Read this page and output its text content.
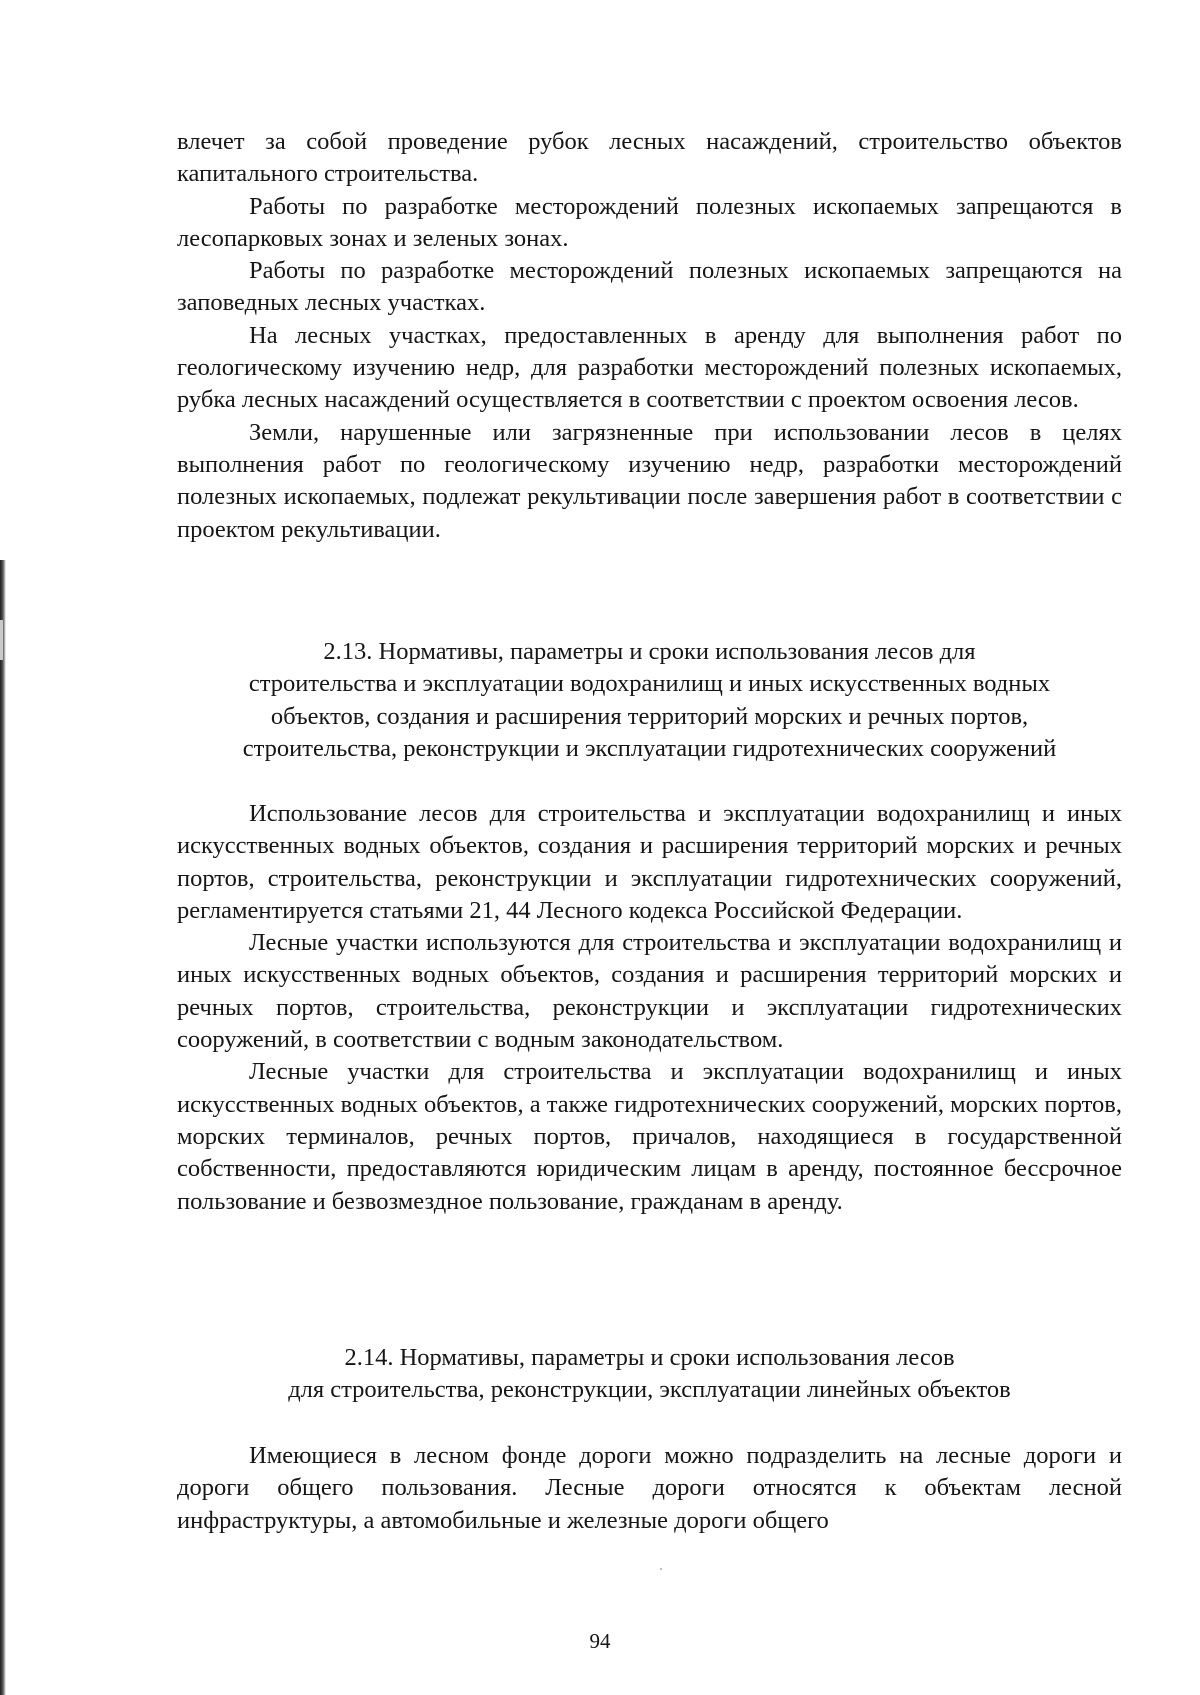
влечет за собой проведение рубок лесных насаждений, строительство объектов капитального строительства.

Работы по разработке месторождений полезных ископаемых запрещаются в лесопарковых зонах и зеленых зонах.

Работы по разработке месторождений полезных ископаемых запрещаются на заповедных лесных участках.

На лесных участках, предоставленных в аренду для выполнения работ по геологическому изучению недр, для разработки месторождений полезных ископаемых, рубка лесных насаждений осуществляется в соответствии с проектом освоения лесов.

Земли, нарушенные или загрязненные при использовании лесов в целях выполнения работ по геологическому изучению недр, разработки месторождений полезных ископаемых, подлежат рекультивации после завершения работ в соответствии с проектом рекультивации.

2.13. Нормативы, параметры и сроки использования лесов для
строительства и эксплуатации водохранилищ и иных искусственных водных
объектов, создания и расширения территорий морских и речных портов,
строительства, реконструкции и эксплуатации гидротехнических сооружений

Использование лесов для строительства и эксплуатации водохранилищ и иных искусственных водных объектов, создания и расширения территорий морских и речных портов, строительства, реконструкции и эксплуатации гидротехнических сооружений, регламентируется статьями 21, 44 Лесного кодекса Российской Федерации.

Лесные участки используются для строительства и эксплуатации водохранилищ и иных искусственных водных объектов, создания и расширения территорий морских и речных портов, строительства, реконструкции и эксплуатации гидротехнических сооружений, в соответствии с водным законодательством.

Лесные участки для строительства и эксплуатации водохранилищ и иных искусственных водных объектов, а также гидротехнических сооружений, морских портов, морских терминалов, речных портов, причалов, находящиеся в государственной собственности, предоставляются юридическим лицам в аренду, постоянное бессрочное пользование и безвозмездное пользование, гражданам в аренду.

2.14. Нормативы, параметры и сроки использования лесов
для строительства, реконструкции, эксплуатации линейных объектов

Имеющиеся в лесном фонде дороги можно подразделить на лесные дороги и дороги общего пользования. Лесные дороги относятся к объектам лесной инфраструктуры, а автомобильные и железные дороги общего

94
